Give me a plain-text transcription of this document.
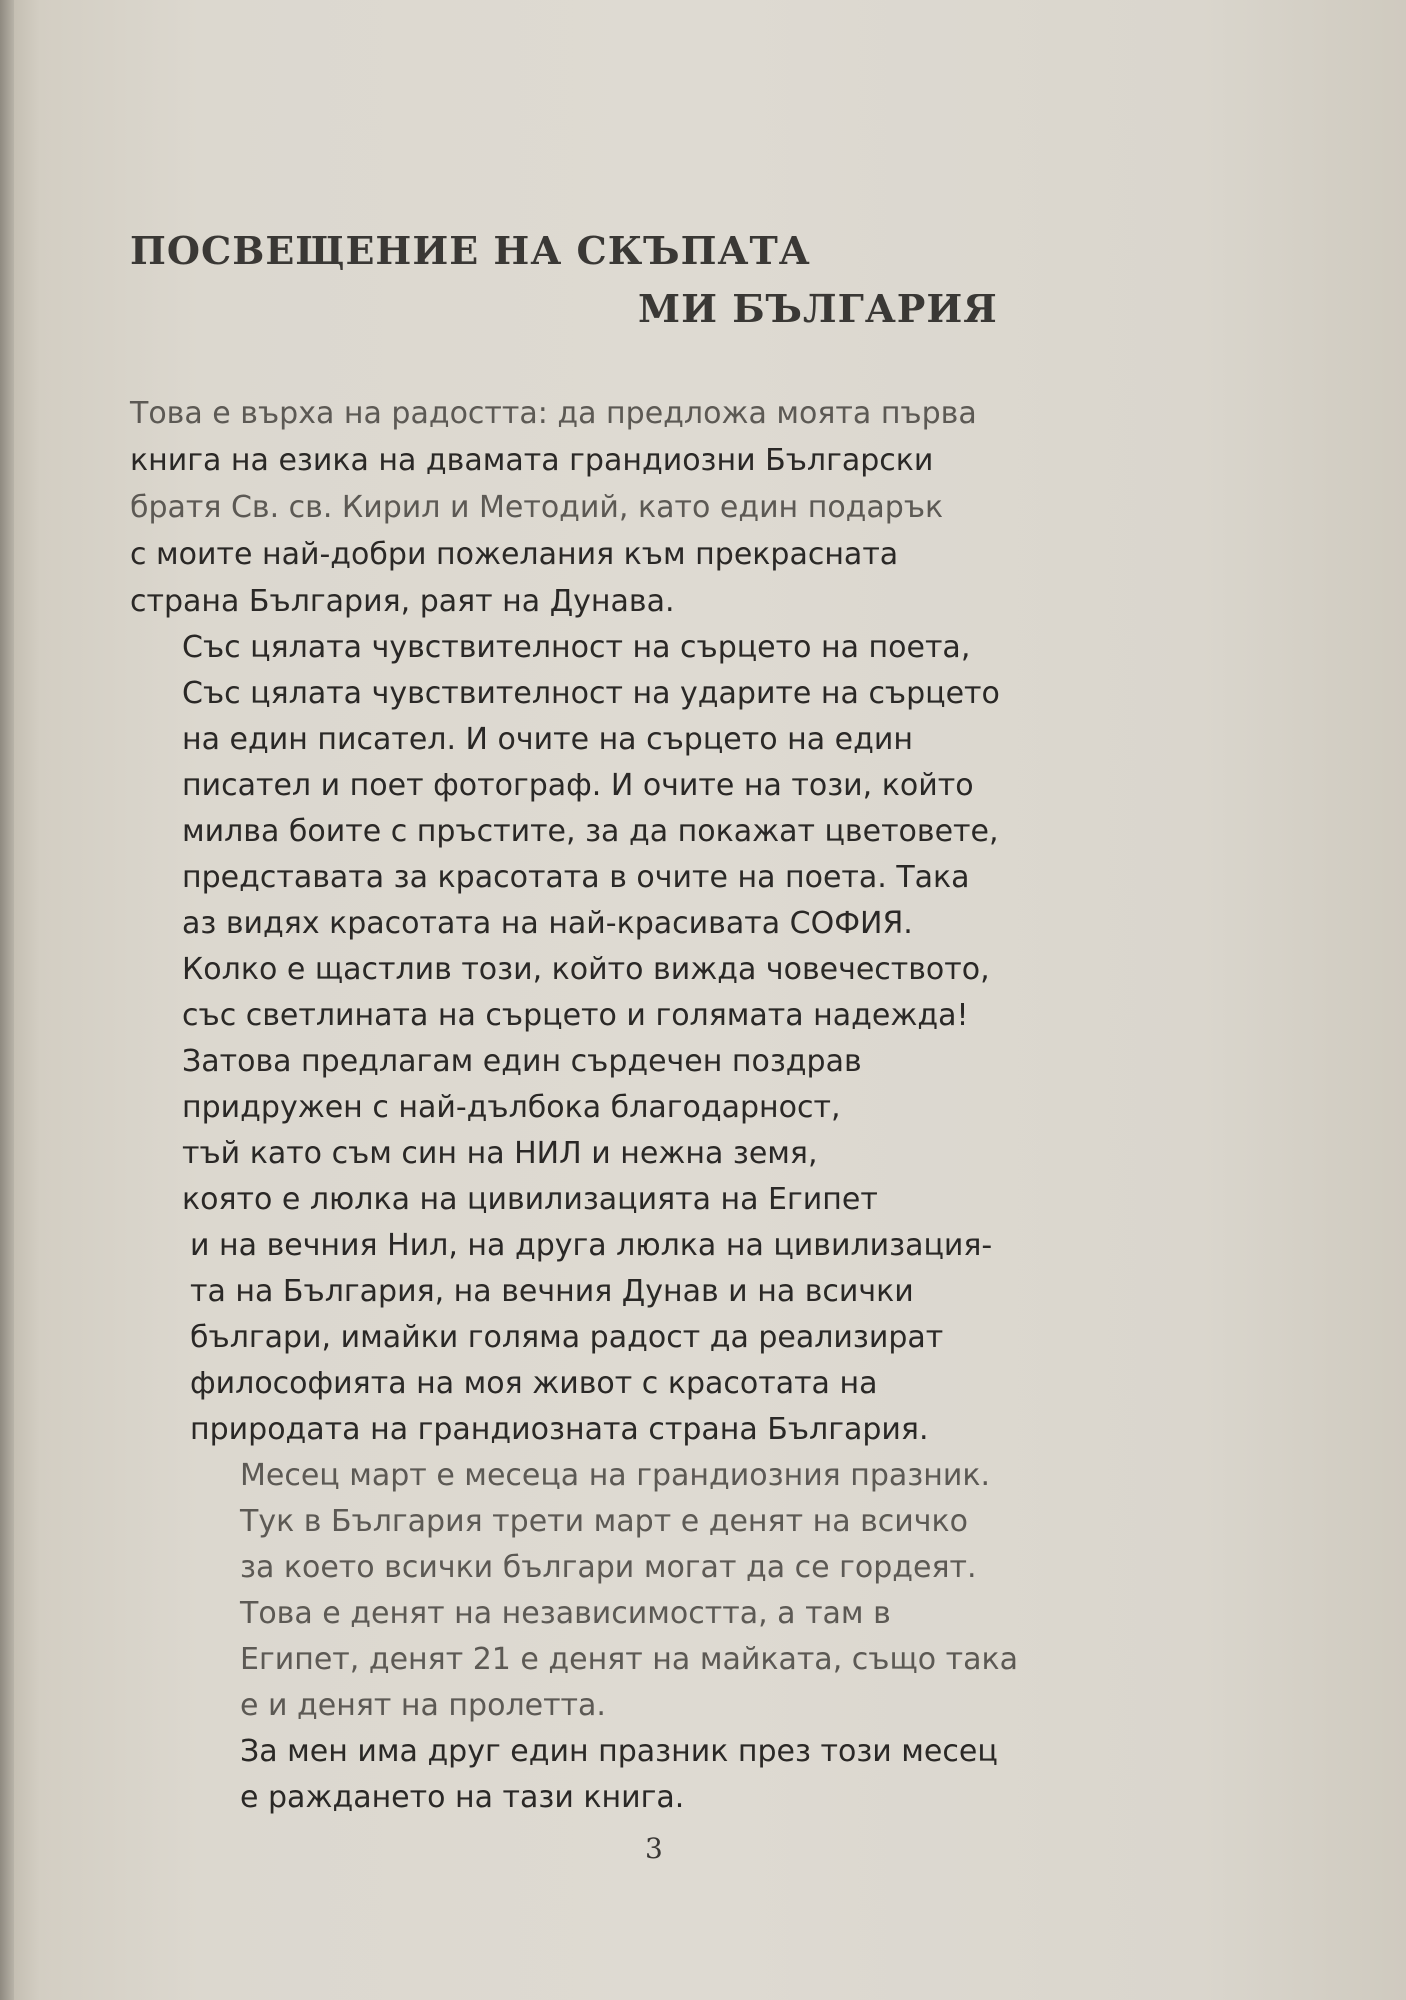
ПОСВЕЩЕНИЕ НА СКЪПАТА
МИ БЪЛГАРИЯ

Това е върха на радостта: да предложа моята първа

книга на езика на двамата грандиозни Български

братя Св. св. Кирил и Методий, като един подарък

с моите най-добри пожелания към прекрасната

страна България, раят на Дунава.

Със цялата чувствителност на сърцето на поета,

Със цялата чувствителност на ударите на сърцето

на един писател. И очите на сърцето на един

писател и поет фотограф. И очите на този, който

милва боите с пръстите, за да покажат цветовете,

представата за красотата в очите на поета. Така

аз видях красотата на най-красивата СОФИЯ.

Колко е щастлив този, който вижда човечеството,

със светлината на сърцето и голямата надежда!

Затова предлагам един сърдечен поздрав

придружен с най-дълбока благодарност,

тъй като съм син на НИЛ и нежна земя,

която е люлка на цивилизацията на Египет

и на вечния Нил, на друга люлка на цивилизация-

та на България, на вечния Дунав и на всички

българи, имайки голяма радост да реализират

философията на моя живот с красотата на

природата на грандиозната страна България.

Месец март е месеца на грандиозния празник.

Тук в България трети март е денят на всичко

за което всички българи могат да се гордеят.

Това е денят на независимостта, а там в

Египет, денят 21 е денят на майката, също така

е и денят на пролетта.

За мен има друг един празник през този месец

е раждането на тази книга.

3
